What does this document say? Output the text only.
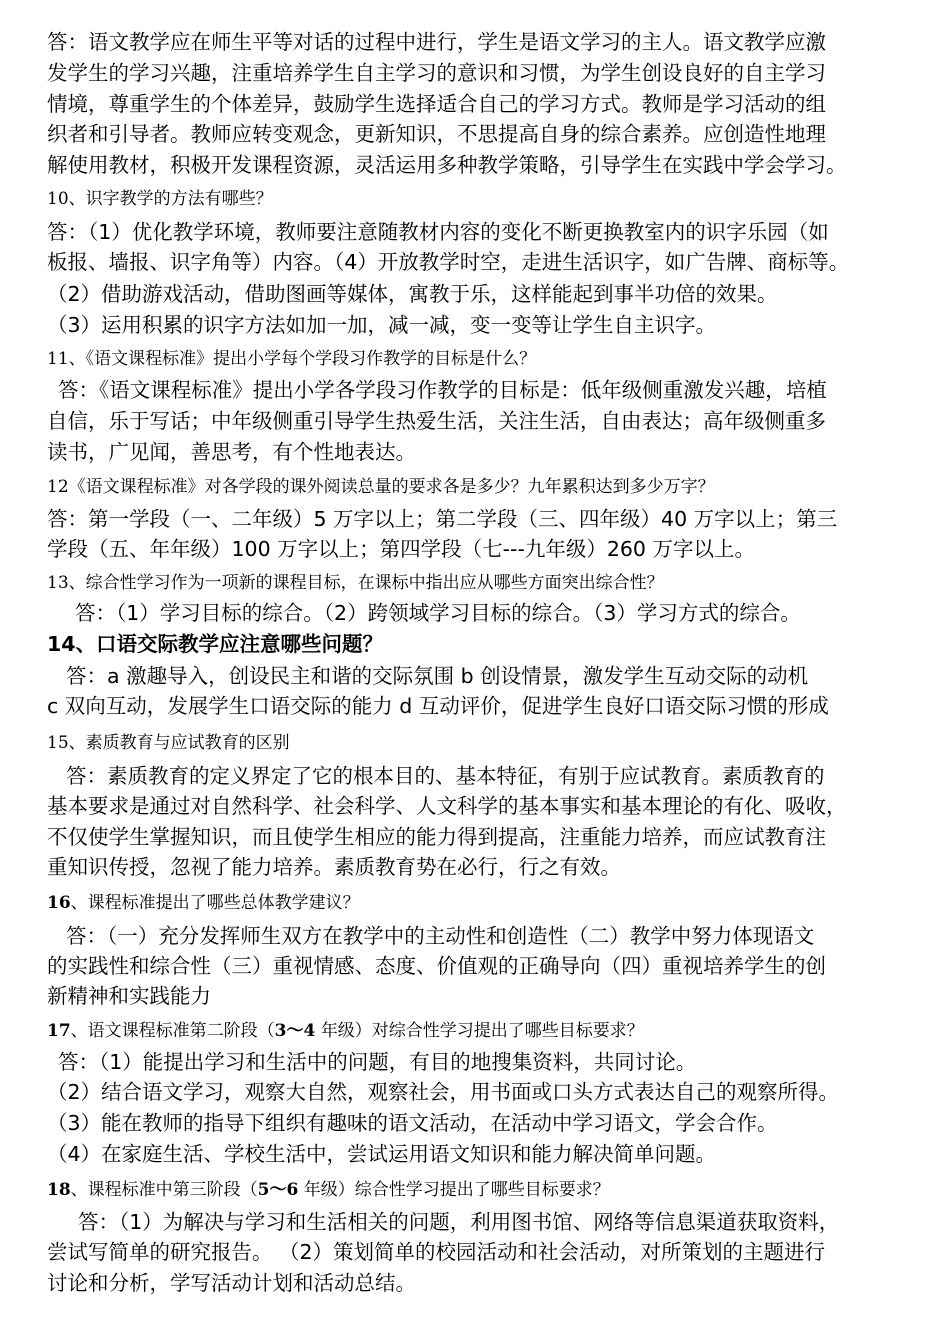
答：语文教学应在师生平等对话的过程中进行，学生是语文学习的主人。语文教学应激
发学生的学习兴趣，注重培养学生自主学习的意识和习惯，为学生创设良好的自主学习
情境，尊重学生的个体差异，鼓励学生选择适合自己的学习方式。教师是学习活动的组
织者和引导者。教师应转变观念，更新知识，不思提高自身的综合素养。应创造性地理
解使用教材，积极开发课程资源，灵活运用多种教学策略，引导学生在实践中学会学习。
10、识字教学的方法有哪些？
答：（1）优化教学环境，教师要注意随教材内容的变化不断更换教室内的识字乐园（如
板报、墙报、识字角等）内容。（4）开放教学时空，走进生活识字，如广告牌、商标等。
（2）借助游戏活动，借助图画等媒体，寓教于乐，这样能起到事半功倍的效果。
（3）运用积累的识字方法如加一加，减一减，变一变等让学生自主识字。
11、《语文课程标准》提出小学每个学段习作教学的目标是什么？
答：《语文课程标准》提出小学各学段习作教学的目标是：低年级侧重激发兴趣，培植
自信，乐于写话；中年级侧重引导学生热爱生活，关注生活，自由表达；高年级侧重多
读书，广见闻，善思考，有个性地表达。
12《语文课程标准》对各学段的课外阅读总量的要求各是多少？九年累积达到多少万字？
答：第一学段（一、二年级）5 万字以上；第二学段（三、四年级）40 万字以上；第三
学段（五、年年级）100 万字以上；第四学段（七---九年级）260 万字以上。
13、综合性学习作为一项新的课程目标，在课标中指出应从哪些方面突出综合性？
答：（1）学习目标的综合。（2）跨领域学习目标的综合。（3）学习方式的综合。
14、口语交际教学应注意哪些问题？
答：a 激趣导入，创设民主和谐的交际氛围 b 创设情景，激发学生互动交际的动机
c 双向互动，发展学生口语交际的能力 d 互动评价，促进学生良好口语交际习惯的形成
15、素质教育与应试教育的区别
答：素质教育的定义界定了它的根本目的、基本特征，有别于应试教育。素质教育的
基本要求是通过对自然科学、社会科学、人文科学的基本事实和基本理论的有化、吸收，
不仅使学生掌握知识，而且使学生相应的能力得到提高，注重能力培养，而应试教育注
重知识传授，忽视了能力培养。素质教育势在必行，行之有效。
16、课程标准提出了哪些总体教学建议？
答：（一）充分发挥师生双方在教学中的主动性和创造性（二）教学中努力体现语文
的实践性和综合性（三）重视情感、态度、价值观的正确导向（四）重视培养学生的创
新精神和实践能力
17、语文课程标准第二阶段（3～4 年级）对综合性学习提出了哪些目标要求？
答：（1）能提出学习和生活中的问题，有目的地搜集资料，共同讨论。
（2）结合语文学习，观察大自然，观察社会，用书面或口头方式表达自己的观察所得。
（3）能在教师的指导下组织有趣味的语文活动，在活动中学习语文，学会合作。
（4）在家庭生活、学校生活中，尝试运用语文知识和能力解决简单问题。
18、课程标准中第三阶段（5～6 年级）综合性学习提出了哪些目标要求？
答：（1）为解决与学习和生活相关的问题，利用图书馆、网络等信息渠道获取资料，
尝试写简单的研究报告。 （2）策划简单的校园活动和社会活动，对所策划的主题进行
讨论和分析，学写活动计划和活动总结。
